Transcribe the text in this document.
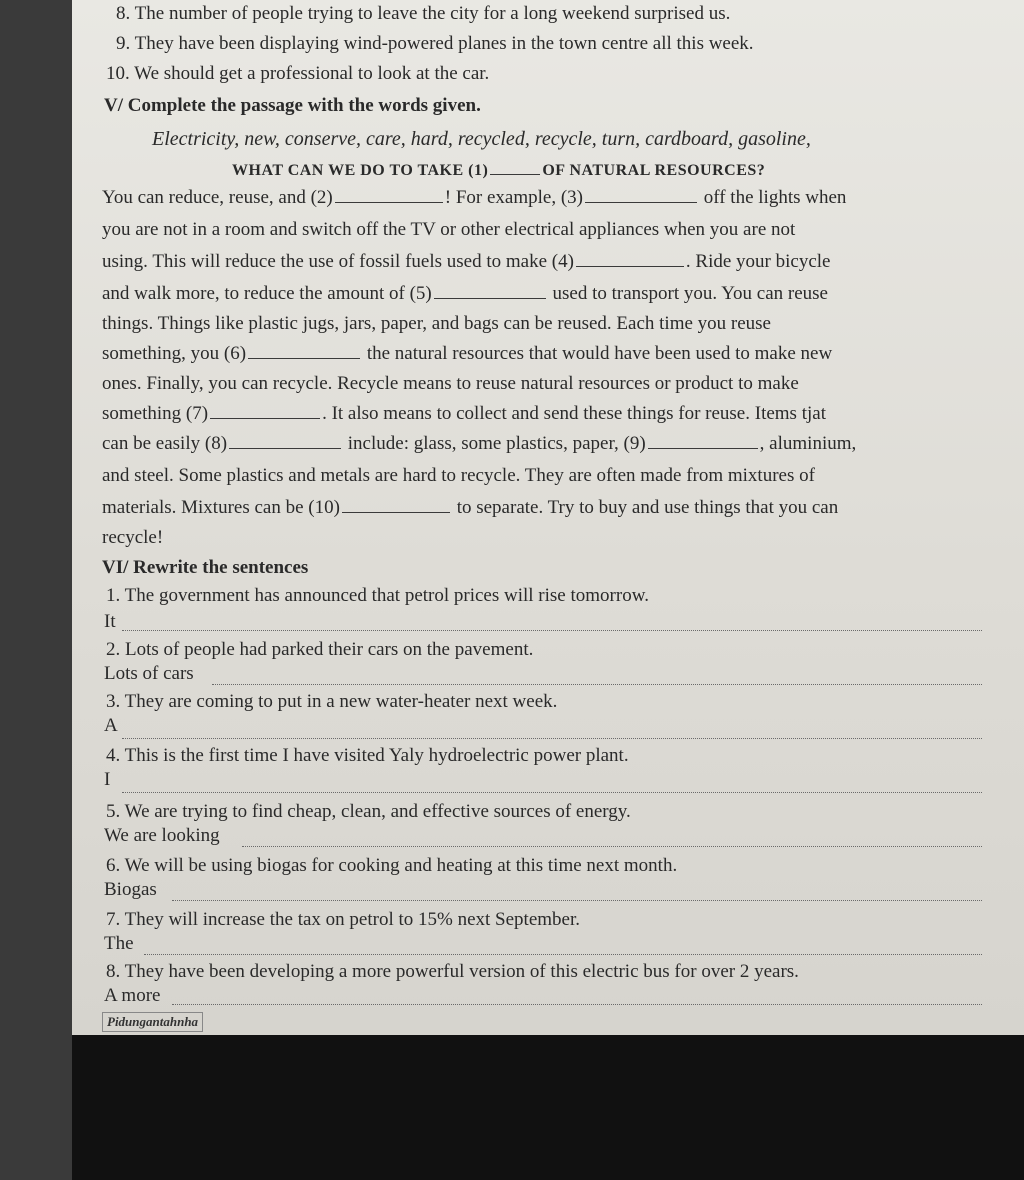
8. The number of people trying to leave the city for a long weekend surprised us.
9. They have been displaying wind-powered planes in the town centre all this week.
10. We should get a professional to look at the car.
V/ Complete the passage with the words given.
Electricity, new, conserve, care, hard, recycled, recycle, turn, cardboard, gasoline,
WHAT CAN WE DO TO TAKE (1)	OF NATURAL RESOURCES?
You can reduce, reuse, and (2)	! For example, (3)	off the lights when
you are not in a room and switch off the TV or other electrical appliances when you are not
using. This will reduce the use of fossil fuels used to make (4)	. Ride your bicycle
and walk more, to reduce the amount of (5)	used to transport you. You can reuse
things. Things like plastic jugs, jars, paper, and bags can be reused. Each time you reuse
something, you (6)	the natural resources that would have been used to make new
ones. Finally, you can recycle. Recycle means to reuse natural resources or product to make
something (7)	. It also means to collect and send these things for reuse. Items tjat
can be easily (8)	include: glass, some plastics, paper, (9)	, aluminium,
and steel. Some plastics and metals are hard to recycle. They are often made from mixtures of
materials. Mixtures can be (10)	to separate. Try to buy and use things that you can
recycle!
VI/ Rewrite the sentences
1. The government has announced that petrol prices will rise tomorrow.
It
2. Lots of people had parked their cars on the pavement.
Lots of cars
3. They are coming to put in a new water-heater next week.
A
4. This is the first time I have visited Yaly hydroelectric power plant.
I
5. We are trying to find cheap, clean, and effective sources of energy.
We are looking
6. We will be using biogas for cooking and heating at this time next month.
Biogas
7. They will increase the tax on petrol to 15% next September.
The
8. They have been developing a more powerful version of this electric bus for over 2 years.
A more
Pidungantahnha
